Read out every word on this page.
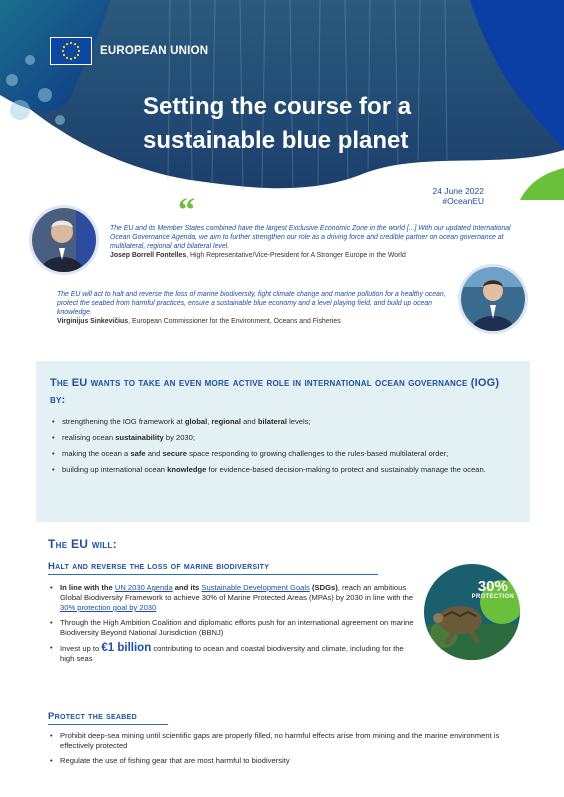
EUROPEAN UNION
Setting the course for a sustainable blue planet
24 June 2022
#OceanEU
“
The EU and its Member States combined have the largest Exclusive Economic Zone in the world [...] With our updated International Ocean Governance Agenda, we aim to further strengthen our role as a driving force and credible partner on ocean governance at multilateral, regional and bilateral level.
Josep Borrell Fontelles, High Representative/Vice-President for A Stronger Europe in the World
The EU will act to halt and reverse the loss of marine biodiversity, fight climate change and marine pollution for a healthy ocean, protect the seabed from harmful practices, ensure a sustainable blue economy and a level playing field, and build up ocean knowledge.
Virginijus Sinkevičius, European Commissioner for the Environment, Oceans and Fisheries
The EU wants to take an even more active role in international ocean governance (IOG) by:
• strengthening the IOG framework at global, regional and bilateral levels;
• realising ocean sustainability by 2030;
• making the ocean a safe and secure space responding to growing challenges to the rules-based multilateral order;
• building up international ocean knowledge for evidence-based decision-making to protect and sustainably manage the ocean.
The EU will:
Halt and reverse the loss of marine biodiversity
• In line with the UN 2030 Agenda and its Sustainable Development Goals (SDGs), reach an ambitious Global Biodiversity Framework to achieve 30% of Marine Protected Areas (MPAs) by 2030 in line with the 30% protection goal by 2030
• Through the High Ambition Coalition and diplomatic efforts push for an international agreement on marine Biodiversity Beyond National Jurisdiction (BBNJ)
• Invest up to €1 billion contributing to ocean and coastal biodiversity and climate, including for the high seas
30%
PROTECTION
Protect the seabed
• Prohibit deep-sea mining until scientific gaps are properly filled, no harmful effects arise from mining and the marine environment is effectively protected
• Regulate the use of fishing gear that are most harmful to biodiversity
